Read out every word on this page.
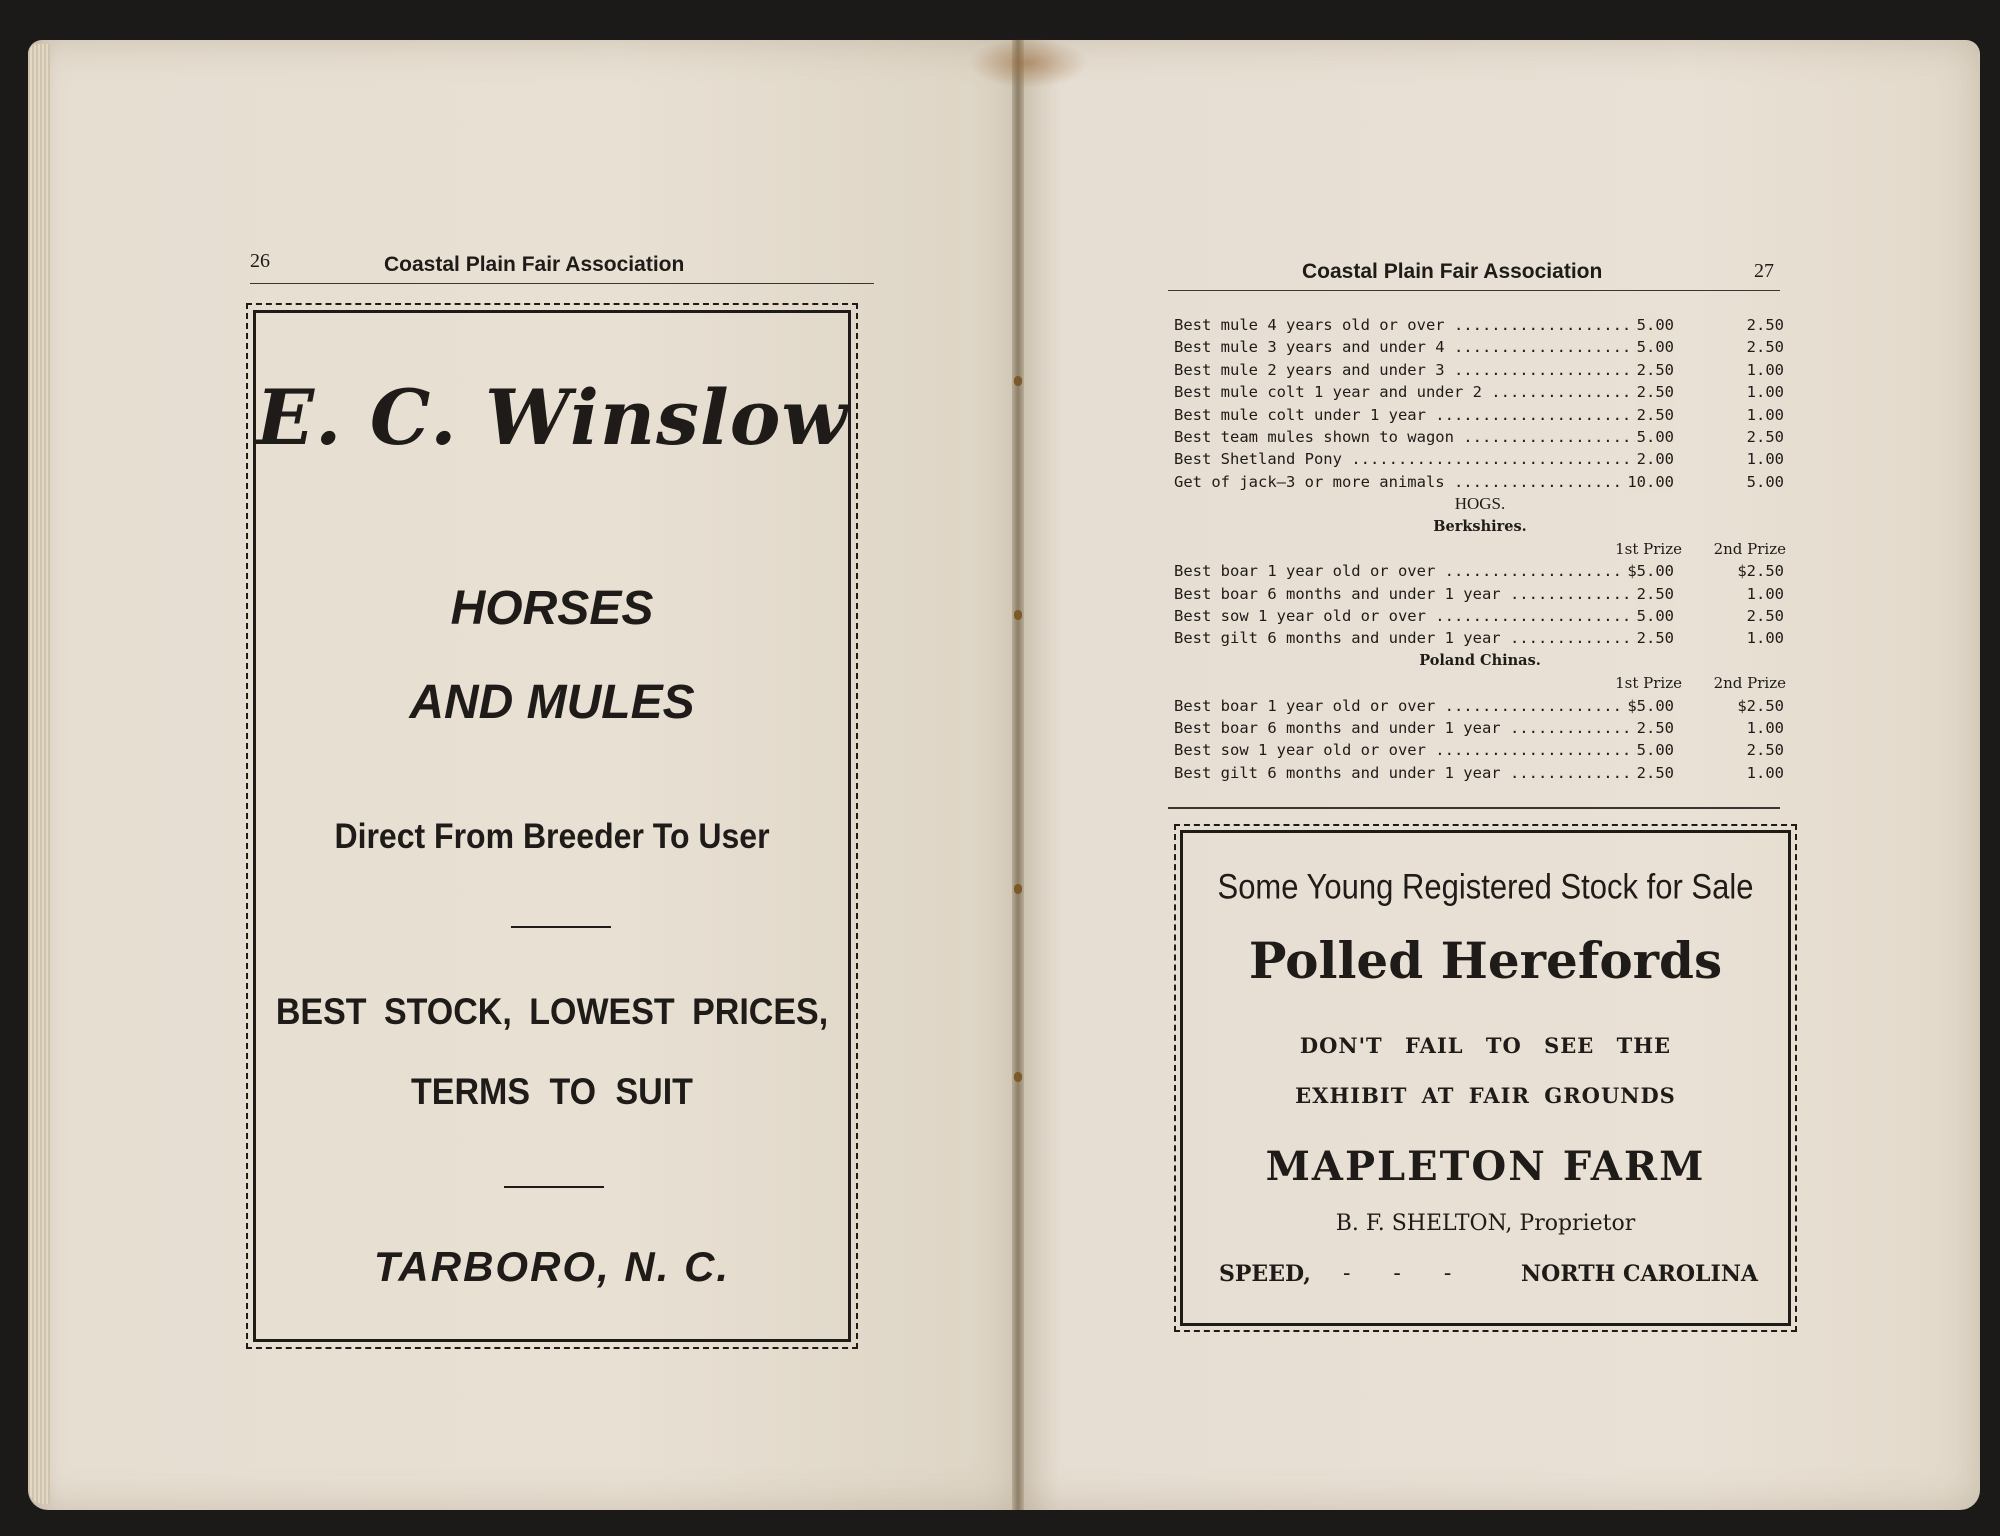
26	Coastal Plain Fair Association
E. C. Winslow
HORSES
AND MULES
Direct From Breeder To User
BEST STOCK, LOWEST PRICES,
TERMS TO SUIT
TARBORO, N. C.
Coastal Plain Fair Association	27
Best mule 4 years old or over .....	5.00	2.50
Best mule 3 years and under 4 .....	5.00	2.50
Best mule 2 years and under 3 .....	2.50	1.00
Best mule colt 1 year and under 2 .....	2.50	1.00
Best mule colt under 1 year .....	2.50	1.00
Best team mules shown to wagon .....	5.00	2.50
Best Shetland Pony .....	2.00	1.00
Get of jack—3 or more animals .....	10.00	5.00
HOGS.
Berkshires.
1st Prize 2nd Prize
Best boar 1 year old or over .....	$5.00	$2.50
Best boar 6 months and under 1 year .....	2.50	1.00
Best sow 1 year old or over .....	5.00	2.50
Best gilt 6 months and under 1 year .....	2.50	1.00
Poland Chinas.
1st Prize 2nd Prize
Best boar 1 year old or over .....	$5.00	$2.50
Best boar 6 months and under 1 year .....	2.50	1.00
Best sow 1 year old or over .....	5.00	2.50
Best gilt 6 months and under 1 year .....	2.50	1.00
Some Young Registered Stock for Sale
Polled Herefords
DON'T FAIL TO SEE THE
EXHIBIT AT FAIR GROUNDS
MAPLETON FARM
B. F. SHELTON, Proprietor
SPEED, - - -	NORTH CAROLINA
